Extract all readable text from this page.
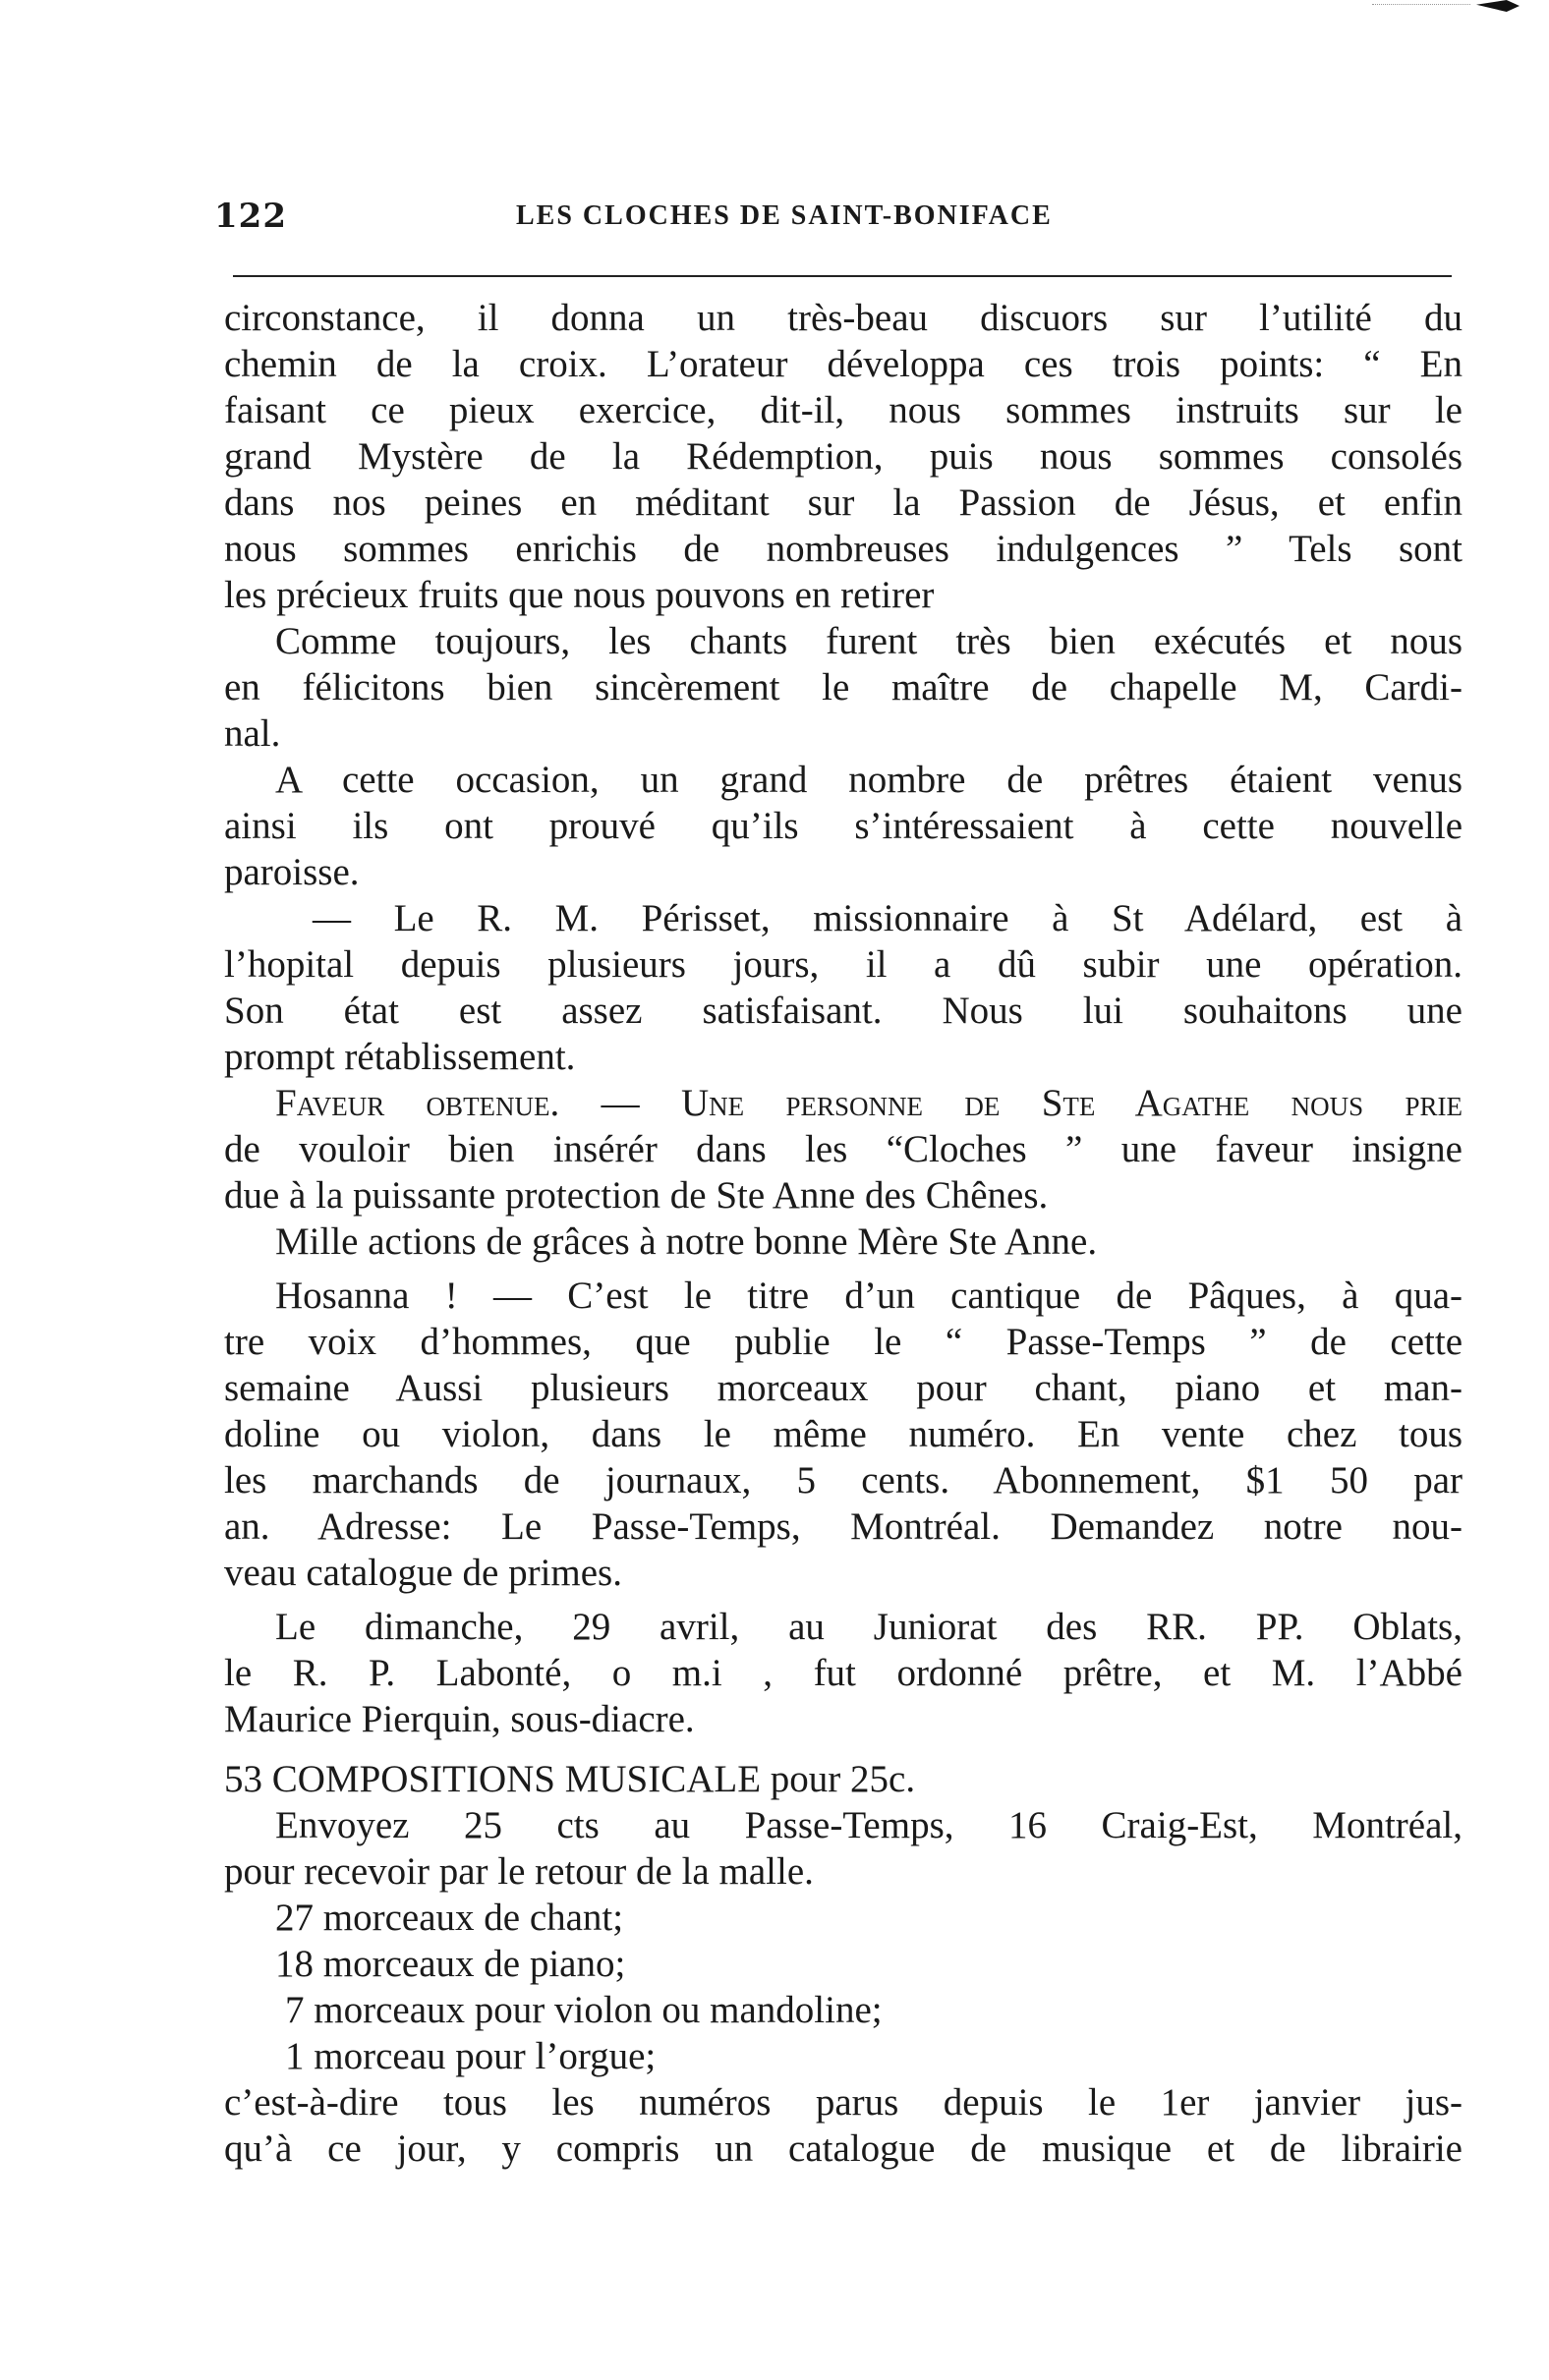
122	LES CLOCHES DE SAINT-BONIFACE
circonstance, il donna un très-beau discuors sur l’utilité du
chemin de la croix. L’orateur développa ces trois points: “ En
faisant ce pieux exercice, dit-il, nous sommes instruits sur le
grand Mystère de la Rédemption, puis nous sommes consolés
dans nos peines en méditant sur la Passion de Jésus, et enfin
nous sommes enrichis de nombreuses indulgences ” Tels sont
les précieux fruits que nous pouvons en retirer
Comme toujours, les chants furent très bien exécutés et nous
en félicitons bien sincèrement le maître de chapelle M, Cardi-
nal.
A cette occasion, un grand nombre de prêtres étaient venus
ainsi ils ont prouvé qu’ils s’intéressaient à cette nouvelle
paroisse.
— Le R. M. Périsset, missionnaire à St Adélard, est à
l’hopital depuis plusieurs jours, il a dû subir une opération.
Son état est assez satisfaisant. Nous lui souhaitons une
prompt rétablissement.
Faveur obtenue. — Une personne de Ste Agathe nous prie
de vouloir bien insérér dans les “Cloches ” une faveur insigne
due à la puissante protection de Ste Anne des Chênes.
Mille actions de grâces à notre bonne Mère Ste Anne.
Hosanna ! — C’est le titre d’un cantique de Pâques, à qua-
tre voix d’hommes, que publie le “ Passe-Temps ” de cette
semaine Aussi plusieurs morceaux pour chant, piano et man-
doline ou violon, dans le même numéro. En vente chez tous
les marchands de journaux, 5 cents. Abonnement, $1 50 par
an. Adresse: Le Passe-Temps, Montréal. Demandez notre nou-
veau catalogue de primes.
Le dimanche, 29 avril, au Juniorat des RR. PP. Oblats,
le R. P. Labonté, o m.i , fut ordonné prêtre, et M. l’Abbé
Maurice Pierquin, sous-diacre.
53 COMPOSITIONS MUSICALE pour 25c.
Envoyez 25 cts au Passe-Temps, 16 Craig-Est, Montréal,
pour recevoir par le retour de la malle.
27 morceaux de chant;
18 morceaux de piano;
7 morceaux pour violon ou mandoline;
1 morceau pour l’orgue;
c’est-à-dire tous les numéros parus depuis le 1er janvier jus-
qu’à ce jour, y compris un catalogue de musique et de librairie
